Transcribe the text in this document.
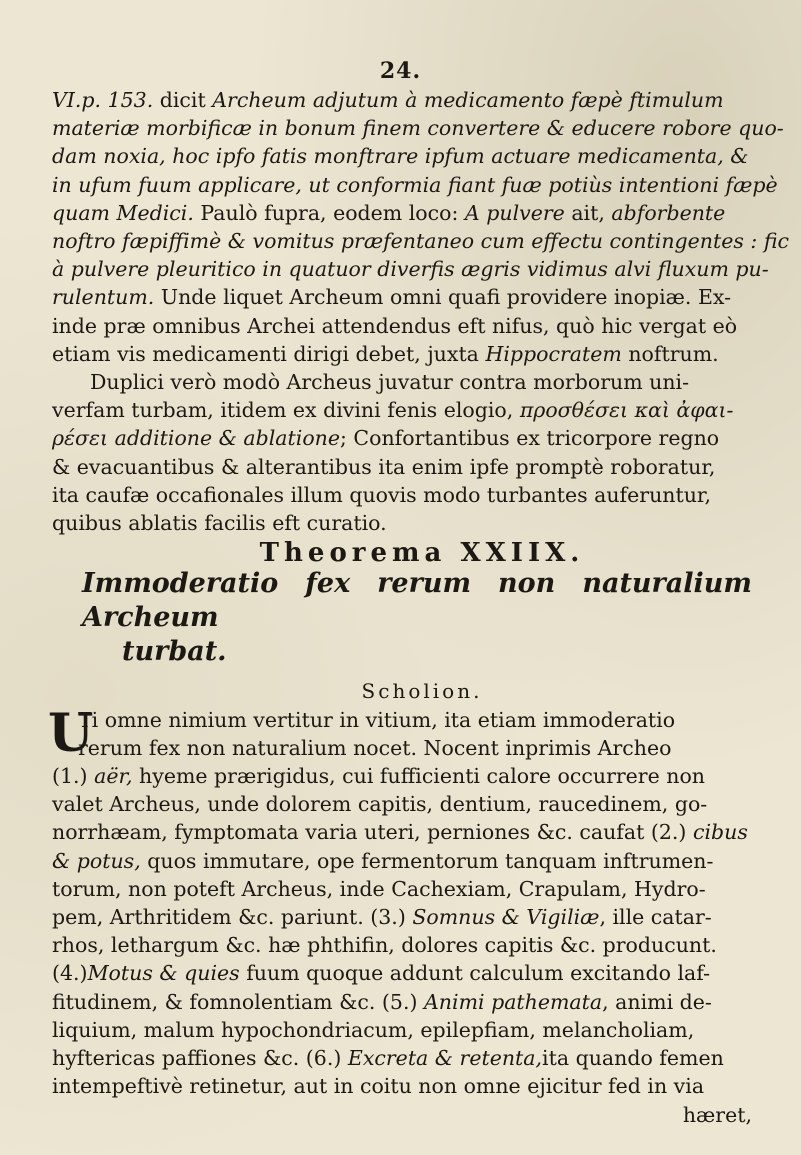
24.
VI.p. 153. dicit Archeum adjutum à medicamento fæpè ftimulum
materiæ morbificæ in bonum finem convertere & educere robore quo-
dam noxia, hoc ipfo fatis monftrare ipfum actuare medicamenta, &
in ufum fuum applicare, ut conformia fiant fuæ potiùs intentioni fæpè
quam Medici. Paulò fupra, eodem loco: A pulvere ait, abforbente
noftro fæpiffimè & vomitus præfentaneo cum effectu contingentes : fic
à pulvere pleuritico in quatuor diverfis ægris vidimus alvi fluxum pu-
rulentum. Unde liquet Archeum omni quafi providere inopiæ. Ex-
inde præ omnibus Archei attendendus eft nifus, quò hic vergat eò
etiam vis medicamenti dirigi debet, juxta Hippocratem noftrum.
Duplici verò modò Archeus juvatur contra morborum uni-
verfam turbam, itidem ex divini fenis elogio, προσθέσει καὶ ἀφαι-
ρέσει additione & ablatione; Confortantibus ex tricorpore regno
& evacuantibus & alterantibus ita enim ipfe promptè roboratur,
ita caufæ occafionales illum quovis modo turbantes auferuntur,
quibus ablatis facilis eft curatio.
Theorema XXIIX.
Immoderatio fex rerum non naturalium Archeum
turbat.
Scholion.
U
Ti omne nimium vertitur in vitium, ita etiam immoderatio
rerum fex non naturalium nocet. Nocent inprimis Archeo
(1.) aër, hyeme prærigidus, cui fufficienti calore occurrere non
valet Archeus, unde dolorem capitis, dentium, raucedinem, go-
norrhæam, fymptomata varia uteri, perniones &c. caufat (2.) cibus
& potus, quos immutare, ope fermentorum tanquam inftrumen-
torum, non poteft Archeus, inde Cachexiam, Crapulam, Hydro-
pem, Arthritidem &c. pariunt. (3.) Somnus & Vigiliæ, ille catar-
rhos, lethargum &c. hæ phthifin, dolores capitis &c. producunt.
(4.)Motus & quies fuum quoque addunt calculum excitando laf-
fitudinem, & fomnolentiam &c. (5.) Animi pathemata, animi de-
liquium, malum hypochondriacum, epilepfiam, melancholiam,
hyftericas paffiones &c. (6.) Excreta & retenta,ita quando femen
intempeftivè retinetur, aut in coitu non omne ejicitur fed in via
hæret,
